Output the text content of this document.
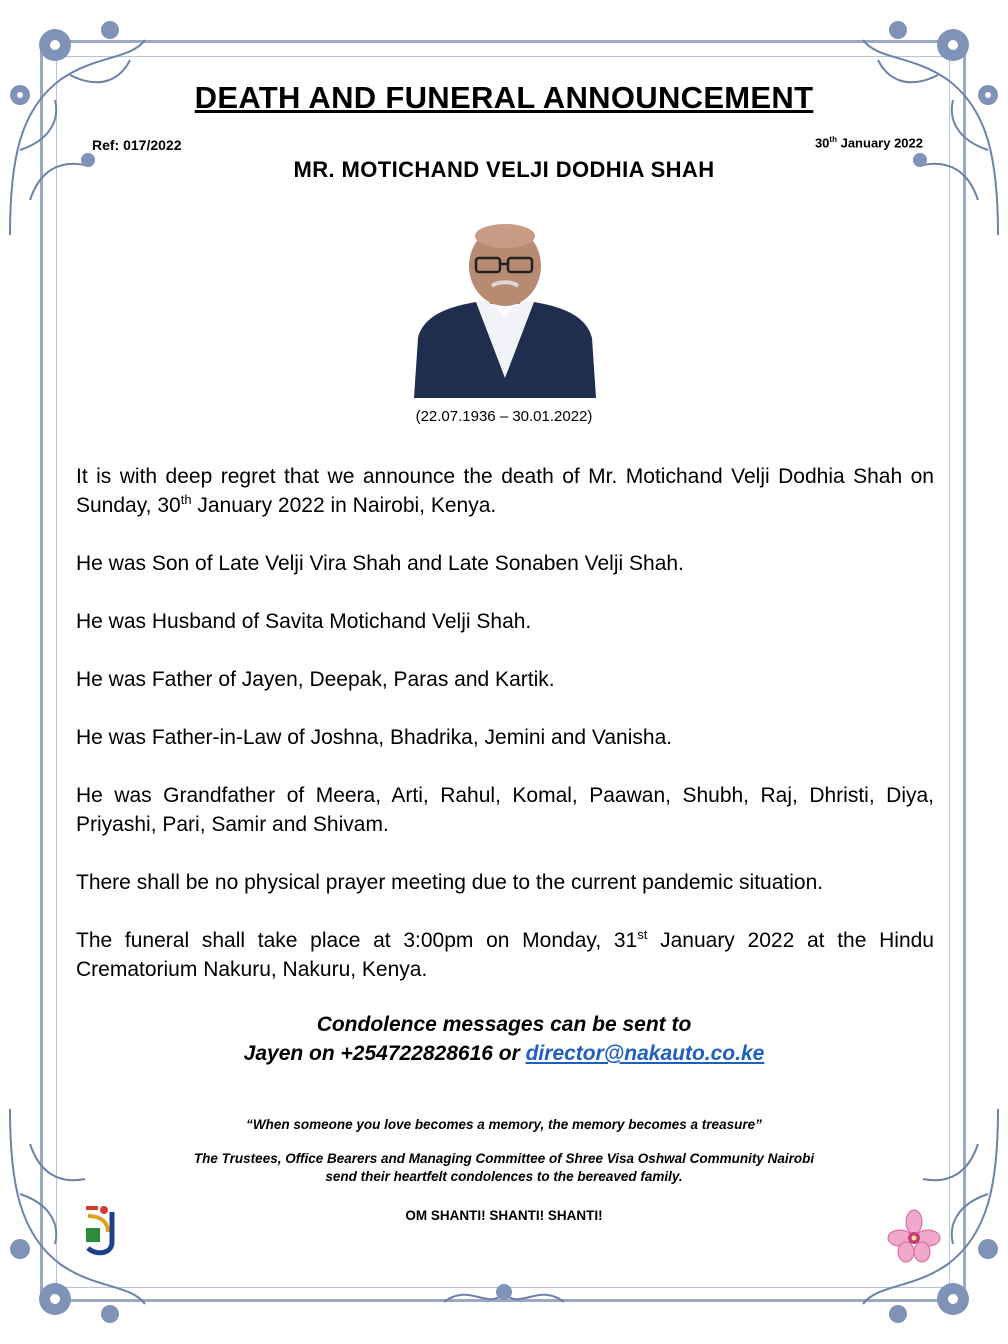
DEATH AND FUNERAL ANNOUNCEMENT
Ref: 017/2022	30th January 2022
MR. MOTICHAND VELJI DODHIA SHAH
(22.07.1936 – 30.01.2022)

It is with deep regret that we announce the death of Mr. Motichand Velji Dodhia Shah on Sunday, 30th January 2022 in Nairobi, Kenya.

He was Son of Late Velji Vira Shah and Late Sonaben Velji Shah.

He was Husband of Savita Motichand Velji Shah.

He was Father of Jayen, Deepak, Paras and Kartik.

He was Father-in-Law of Joshna, Bhadrika, Jemini and Vanisha.

He was Grandfather of Meera, Arti, Rahul, Komal, Paawan, Shubh, Raj, Dhristi, Diya, Priyashi, Pari, Samir and Shivam.

There shall be no physical prayer meeting due to the current pandemic situation.

The funeral shall take place at 3:00pm on Monday, 31st January 2022 at the Hindu Crematorium Nakuru, Nakuru, Kenya.

Condolence messages can be sent to
Jayen on +254722828616 or director@nakauto.co.ke
“When someone you love becomes a memory, the memory becomes a treasure”
The Trustees, Office Bearers and Managing Committee of Shree Visa Oshwal Community Nairobi
send their heartfelt condolences to the bereaved family.
OM SHANTI! SHANTI! SHANTI!
